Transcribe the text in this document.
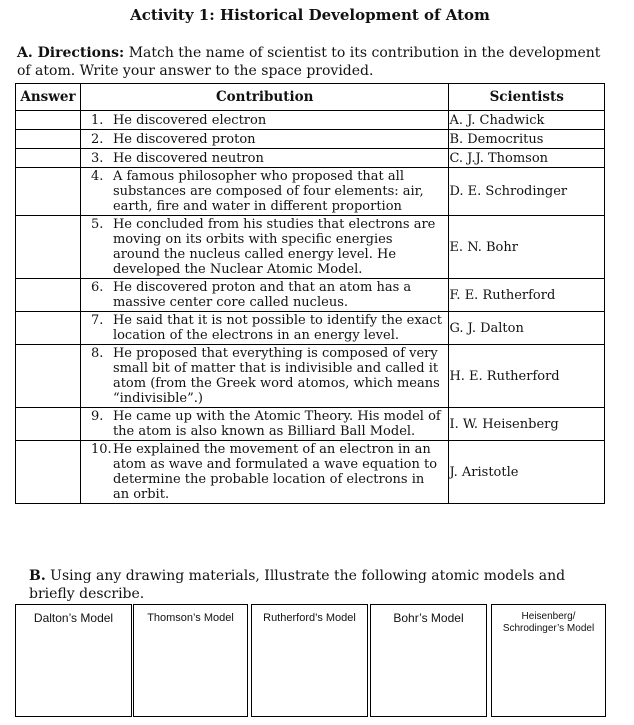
Activity 1: Historical Development of Atom
A. Directions: Match the name of scientist to its contribution in the development of atom. Write your answer to the space provided.
Answer	Contribution	Scientists

	1. He discovered electron	A. J. Chadwick

	2. He discovered proton	B. Democritus

	3. He discovered neutron	C. J.J. Thomson

	4. A famous philosopher who proposed that all substances are composed of four elements: air, earth, fire and water in different proportion	D. E. Schrodinger

	5. He concluded from his studies that electrons are moving on its orbits with specific energies around the nucleus called energy level. He developed the Nuclear Atomic Model.	E. N. Bohr

	6. He discovered proton and that an atom has a massive center core called nucleus.	F. E. Rutherford

	7. He said that it is not possible to identify the exact location of the electrons in an energy level.	G. J. Dalton

	8. He proposed that everything is composed of very small bit of matter that is indivisible and called it atom (from the Greek word atomos, which means “indivisible”.)	H. E. Rutherford

	9. He came up with the Atomic Theory. His model of the atom is also known as Billiard Ball Model.	I. W. Heisenberg

	10. He explained the movement of an electron in an atom as wave and formulated a wave equation to determine the probable location of electrons in an orbit.	J. Aristotle
B. Using any drawing materials, Illustrate the following atomic models and briefly describe.
Dalton’s Model	Thomson’s Model	Rutherford’s Model	Bohr’s Model	Heisenberg/ Schrodinger’s Model
